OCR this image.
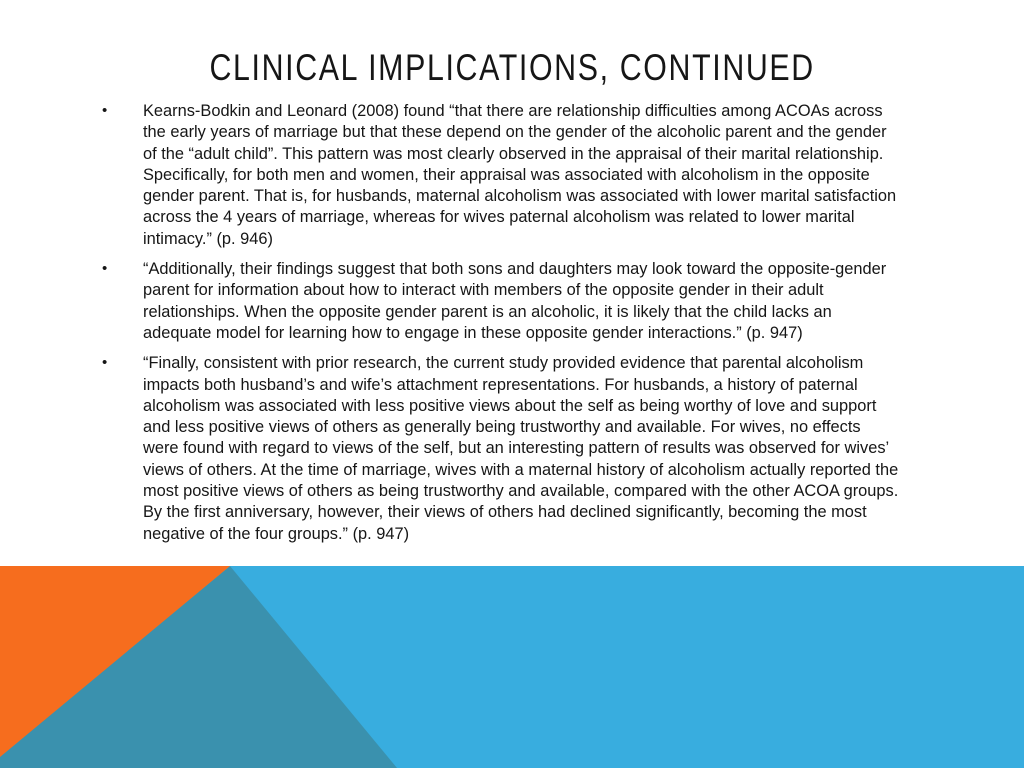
CLINICAL IMPLICATIONS, CONTINUED
• Kearns-Bodkin and Leonard (2008) found “that there are relationship difficulties among ACOAs across the early years of marriage but that these depend on the gender of the alcoholic parent and the gender of the “adult child”. This pattern was most clearly observed in the appraisal of their marital relationship. Specifically, for both men and women, their appraisal was associated with alcoholism in the opposite gender parent. That is, for husbands, maternal alcoholism was associated with lower marital satisfaction across the 4 years of marriage, whereas for wives paternal alcoholism was related to lower marital intimacy.” (p. 946)
• “Additionally, their findings suggest that both sons and daughters may look toward the opposite-gender parent for information about how to interact with members of the opposite gender in their adult relationships. When the opposite gender parent is an alcoholic, it is likely that the child lacks an adequate model for learning how to engage in these opposite gender interactions.” (p. 947)
• “Finally, consistent with prior research, the current study provided evidence that parental alcoholism impacts both husband’s and wife’s attachment representations. For husbands, a history of paternal alcoholism was associated with less positive views about the self as being worthy of love and support and less positive views of others as generally being trustworthy and available. For wives, no effects were found with regard to views of the self, but an interesting pattern of results was observed for wives’ views of others. At the time of marriage, wives with a maternal history of alcoholism actually reported the most positive views of others as being trustworthy and available, compared with the other ACOA groups. By the first anniversary, however, their views of others had declined significantly, becoming the most negative of the four groups.” (p. 947)
